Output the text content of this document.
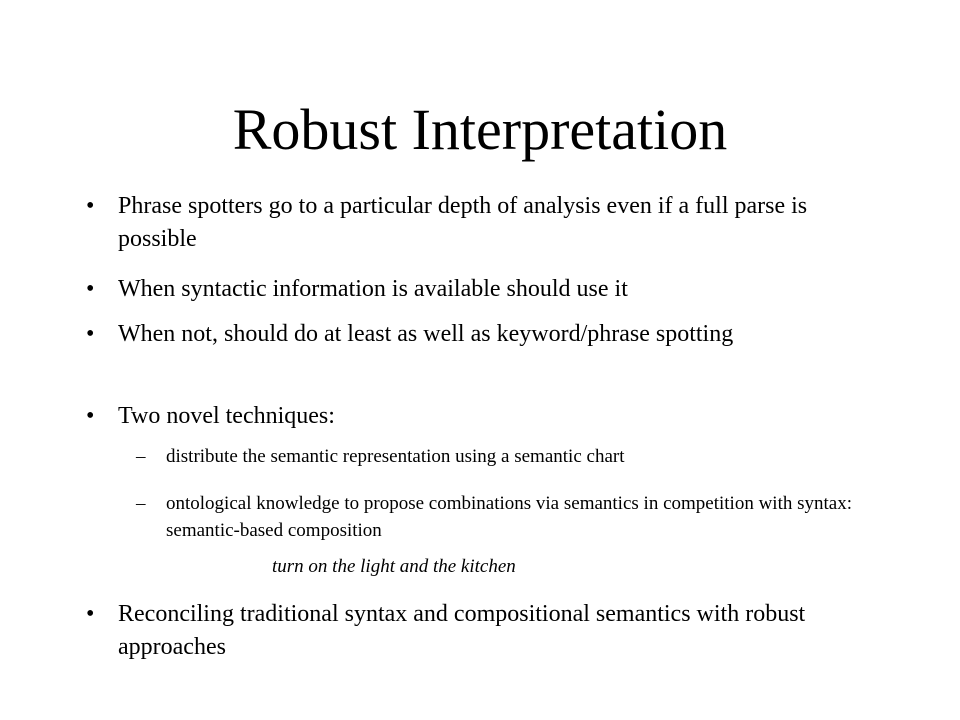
Robust Interpretation
• Phrase spotters go to a particular depth of analysis even if a full parse is possible
• When syntactic information is available should use it
• When not, should do at least as well as keyword/phrase spotting
• Two novel techniques:
– distribute the semantic representation using a semantic chart
– ontological knowledge to propose combinations via semantics in competition with syntax: semantic-based composition
turn on the light and the kitchen
• Reconciling traditional syntax and compositional semantics with robust approaches
